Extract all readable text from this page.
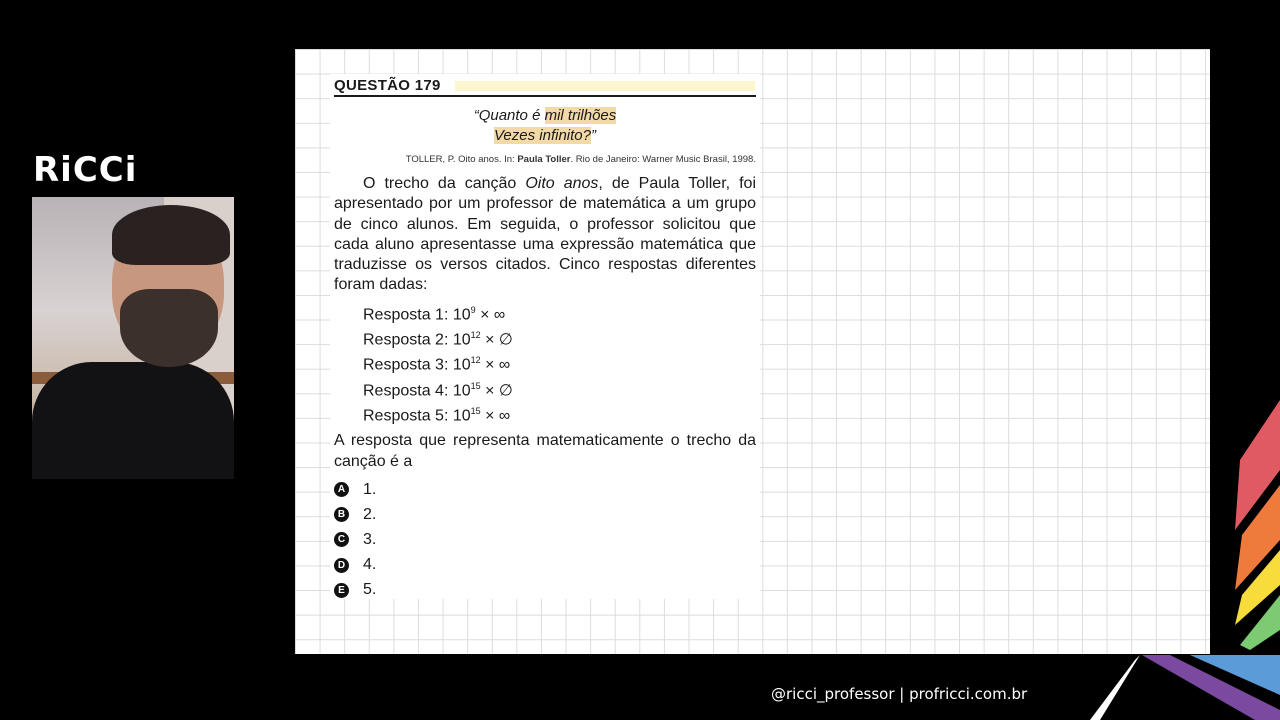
RiCCi
QUESTÃO 179
“Quanto é mil trilhões
Vezes infinito?”
TOLLER, P. Oito anos. In: Paula Toller. Rio de Janeiro: Warner Music Brasil, 1998.
O trecho da canção Oito anos, de Paula Toller, foi apresentado por um professor de matemática a um grupo de cinco alunos. Em seguida, o professor solicitou que cada aluno apresentasse uma expressão matemática que traduzisse os versos citados. Cinco respostas diferentes foram dadas:
Resposta 1: $10^9$ × ∞
Resposta 2: $10^{12}$ × ∅
Resposta 3: $10^{12}$ × ∞
Resposta 4: $10^{15}$ × ∅
Resposta 5: $10^{15}$ × ∞
A resposta que representa matematicamente o trecho da canção é a
A 1.
B 2.
C 3.
D 4.
E 5.
@ricci_professor | profricci.com.br
